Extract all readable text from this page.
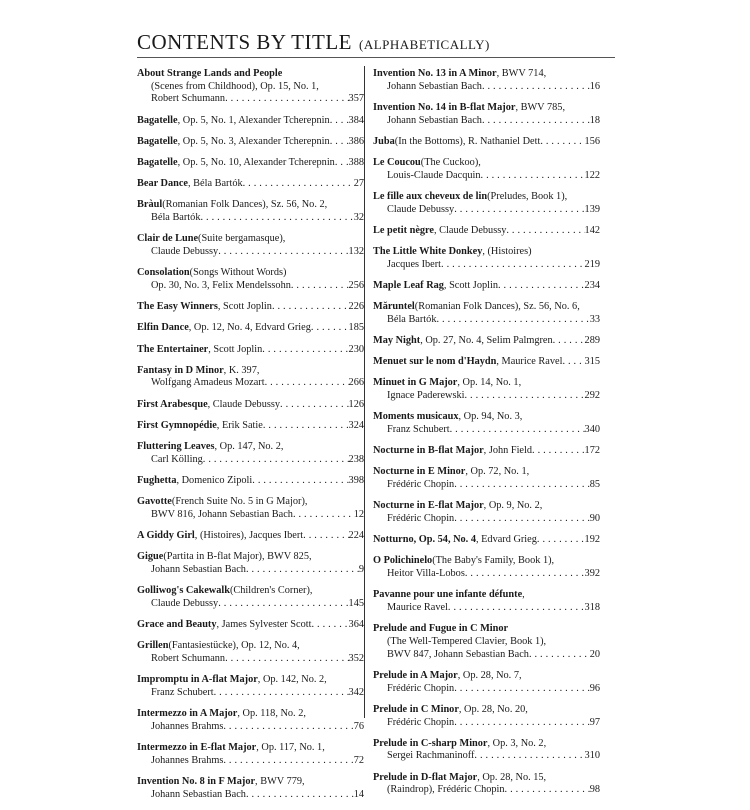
CONTENTS BY TITLE (ALPHABETICALLY)
About Strange Lands and People
(Scenes from Childhood), Op. 15, No. 1,
Robert Schumann . . .	357
Bagatelle , Op. 5, No. 1, Alexander Tcherepnin . . . 384
Bagatelle , Op. 5, No. 3, Alexander Tcherepnin . . . 386
Bagatelle , Op. 5, No. 10, Alexander Tcherepnin . . . 388
Bear Dance , Béla Bartók . . .	27
Bràul (Romanian Folk Dances), Sz. 56, No. 2,
Béla Bartók . . .	32
Clair de Lune (Suite bergamasque),
Claude Debussy . . .	132
Consolation (Songs Without Words)
Op. 30, No. 3, Felix Mendelssohn . . .	256
The Easy Winners , Scott Joplin . . .	226
Elfin Dance , Op. 12, No. 4, Edvard Grieg . . .	185
The Entertainer , Scott Joplin . . .	230
Fantasy in D Minor , K. 397,
Wolfgang Amadeus Mozart . . .	266
First Arabesque , Claude Debussy . . .	126
First Gymnopédie , Erik Satie . . .	324
Fluttering Leaves , Op. 147, No. 2,
Carl Kölling . . .	238
Fughetta , Domenico Zipoli . . .	398
Gavotte (French Suite No. 5 in G Major),
BWV 816, Johann Sebastian Bach . . .	12
A Giddy Girl , (Histoires), Jacques Ibert . . .	224
Gigue (Partita in B-flat Major), BWV 825,
Johann Sebastian Bach . . .	9
Golliwog's Cakewalk (Children's Corner),
Claude Debussy . . .	145
Grace and Beauty , James Sylvester Scott . . .	364
Grillen (Fantasiestücke), Op. 12, No. 4,
Robert Schumann . . .	352
Impromptu in A-flat Major , Op. 142, No. 2,
Franz Schubert . . .	342
Intermezzo in A Major , Op. 118, No. 2,
Johannes Brahms . . .	76
Intermezzo in E-flat Major , Op. 117, No. 1,
Johannes Brahms . . .	72
Invention No. 8 in F Major , BWV 779,
Johann Sebastian Bach . . .	14
Invention No. 13 in A Minor , BWV 714,
Johann Sebastian Bach . . .	16
Invention No. 14 in B-flat Major , BWV 785,
Johann Sebastian Bach . . .	18
Juba (In the Bottoms), R. Nathaniel Dett . . .	156
Le Coucou (The Cuckoo),
Louis-Claude Dacquin . . .	122
Le fille aux cheveux de lin (Preludes, Book 1),
Claude Debussy . . .	139
Le petit nègre , Claude Debussy . . .	142
The Little White Donkey , (Histoires)
Jacques Ibert . . .	219
Maple Leaf Rag , Scott Joplin . . .	234
Măruntel (Romanian Folk Dances), Sz. 56, No. 6,
Béla Bartók . . .	33
May Night , Op. 27, No. 4, Selim Palmgren . . .	289
Menuet sur le nom d'Haydn , Maurice Ravel . . . 315
Minuet in G Major , Op. 14, No. 1,
Ignace Paderewski . . .	292
Moments musicaux , Op. 94, No. 3,
Franz Schubert . . .	340
Nocturne in B-flat Major , John Field . . .	172
Nocturne in E Minor , Op. 72, No. 1,
Frédéric Chopin . . .	85
Nocturne in E-flat Major , Op. 9, No. 2,
Frédéric Chopin . . .	90
Notturno, Op. 54, No. 4 , Edvard Grieg . . .	192
O Polichinelo (The Baby's Family, Book 1),
Heitor Villa-Lobos . . .	392
Pavanne pour une infante défunte ,
Maurice Ravel . . .	318
Prelude and Fugue in C Minor
(The Well-Tempered Clavier, Book 1),
BWV 847, Johann Sebastian Bach . . .	20
Prelude in A Major , Op. 28, No. 7,
Frédéric Chopin . . .	96
Prelude in C Minor , Op. 28, No. 20,
Frédéric Chopin . . .	97
Prelude in C-sharp Minor , Op. 3, No. 2,
Sergei Rachmaninoff . . .	310
Prelude in D-flat Major , Op. 28, No. 15,
(Raindrop), Frédéric Chopin . . .	98
